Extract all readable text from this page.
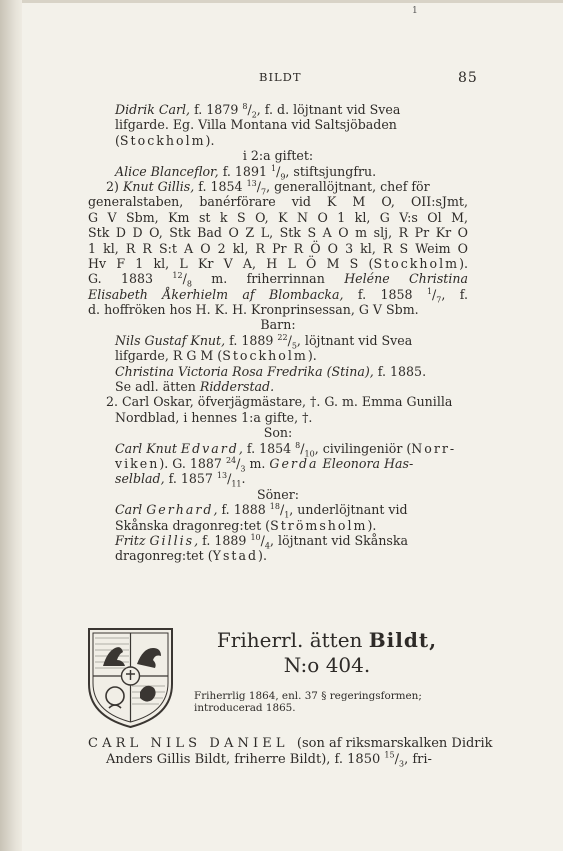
1
BILDT	85
Didrik Carl, f. 1879 $^8/_2$, f. d. löjtnant vid Svea
lifgarde. Eg. Villa Montana vid Saltsjöbaden
(Stockholm).
i 2:a giftet:
Alice Blanceflor, f. 1891 $^1/_9$, stiftsjungfru.
2) Knut Gillis, f. 1854 $^{13}/_7$, generallöjtnant, chef för
generalstaben, banérförare vid K M O, OII:sJmt,
G V Sbm, Km st k S O, K N O 1 kl, G V:s Ol M,
Stk D D O, Stk Bad O Z L, Stk S A O m slj, R Pr Kr O
1 kl, R R S:t A O 2 kl, R Pr R Ö O 3 kl, R S Weim O
Hv F 1 kl, L Kr V A, H L Ö M S (Stockholm).
G. 1883 $^{12}/_8$ m. friherrinnan Heléne Christina
Elisabeth Åkerhielm af Blombacka, f. 1858 $^1/_7$, f.
d. hoffröken hos H. K. H. Kronprinsessan, G V Sbm.
Barn:
Nils Gustaf Knut, f. 1889 $^{22}/_5$, löjtnant vid Svea
lifgarde, R G M (Stockholm).
Christina Victoria Rosa Fredrika (Stina), f. 1885.
Se adl. ätten Ridderstad.
2. Carl Oskar, öfverjägmästare, †. G. m. Emma Gunilla
Nordblad, i hennes 1:a gifte, †.
Son:
Carl Knut Edvard, f. 1854 $^8/_{10}$, civilingeniör (Norr-
viken). G. 1887 $^{24}/_3$ m. Gerda Eleonora Has-
selblad, f. 1857 $^{13}/_{11}$.
Söner:
Carl Gerhard, f. 1888 $^{18}/_1$, underlöjtnant vid
Skånska dragonreg:tet (Strömsholm).
Fritz Gillis, f. 1889 $^{10}/_4$, löjtnant vid Skånska
dragonreg:tet (Ystad).
Friherrl. ätten Bildt,
N:o 404.
Friherrlig 1864, enl. 37 § regeringsformen;
introducerad 1865.
C A R L   N I L S   D A N I E L   (son af riksmarskalken Didrik
Anders Gillis Bildt, friherre Bildt), f. 1850 $^{15}/_3$, fri-
